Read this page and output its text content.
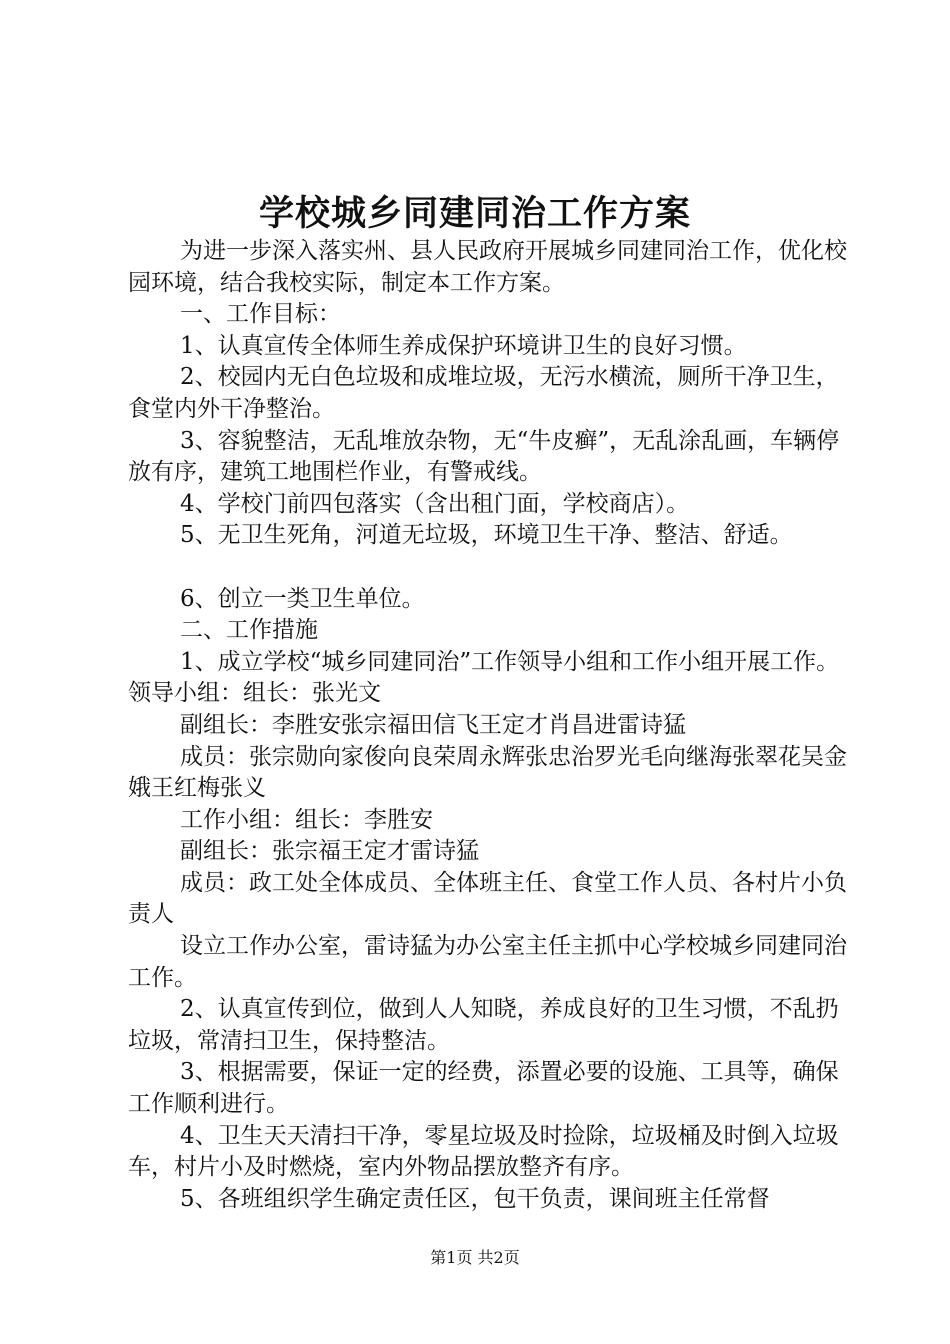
学校城乡同建同治工作方案

为进一步深入落实州、县人民政府开展城乡同建同治工作，优化校园环境，结合我校实际，制定本工作方案。

一、工作目标：

1、认真宣传全体师生养成保护环境讲卫生的良好习惯。

2、校园内无白色垃圾和成堆垃圾，无污水横流，厕所干净卫生，食堂内外干净整治。

3、容貌整洁，无乱堆放杂物，无“牛皮癣”，无乱涂乱画，车辆停放有序，建筑工地围栏作业，有警戒线。

4、学校门前四包落实（含出租门面，学校商店）。

5、无卫生死角，河道无垃圾，环境卫生干净、整洁、舒适。

6、创立一类卫生单位。

二、工作措施

1、成立学校“城乡同建同治”工作领导小组和工作小组开展工作。领导小组：组长：张光文

副组长：李胜安张宗福田信飞王定才肖昌进雷诗猛

成员：张宗勋向家俊向良荣周永辉张忠治罗光毛向继海张翠花吴金娥王红梅张义

工作小组：组长：李胜安

副组长：张宗福王定才雷诗猛

成员：政工处全体成员、全体班主任、食堂工作人员、各村片小负责人

设立工作办公室，雷诗猛为办公室主任主抓中心学校城乡同建同治工作。

2、认真宣传到位，做到人人知晓，养成良好的卫生习惯，不乱扔垃圾，常清扫卫生，保持整洁。

3、根据需要，保证一定的经费，添置必要的设施、工具等，确保工作顺利进行。

4、卫生天天清扫干净，零星垃圾及时捡除，垃圾桶及时倒入垃圾车，村片小及时燃烧，室内外物品摆放整齐有序。

5、各班组织学生确定责任区，包干负责，课间班主任常督

第1页 共2页
